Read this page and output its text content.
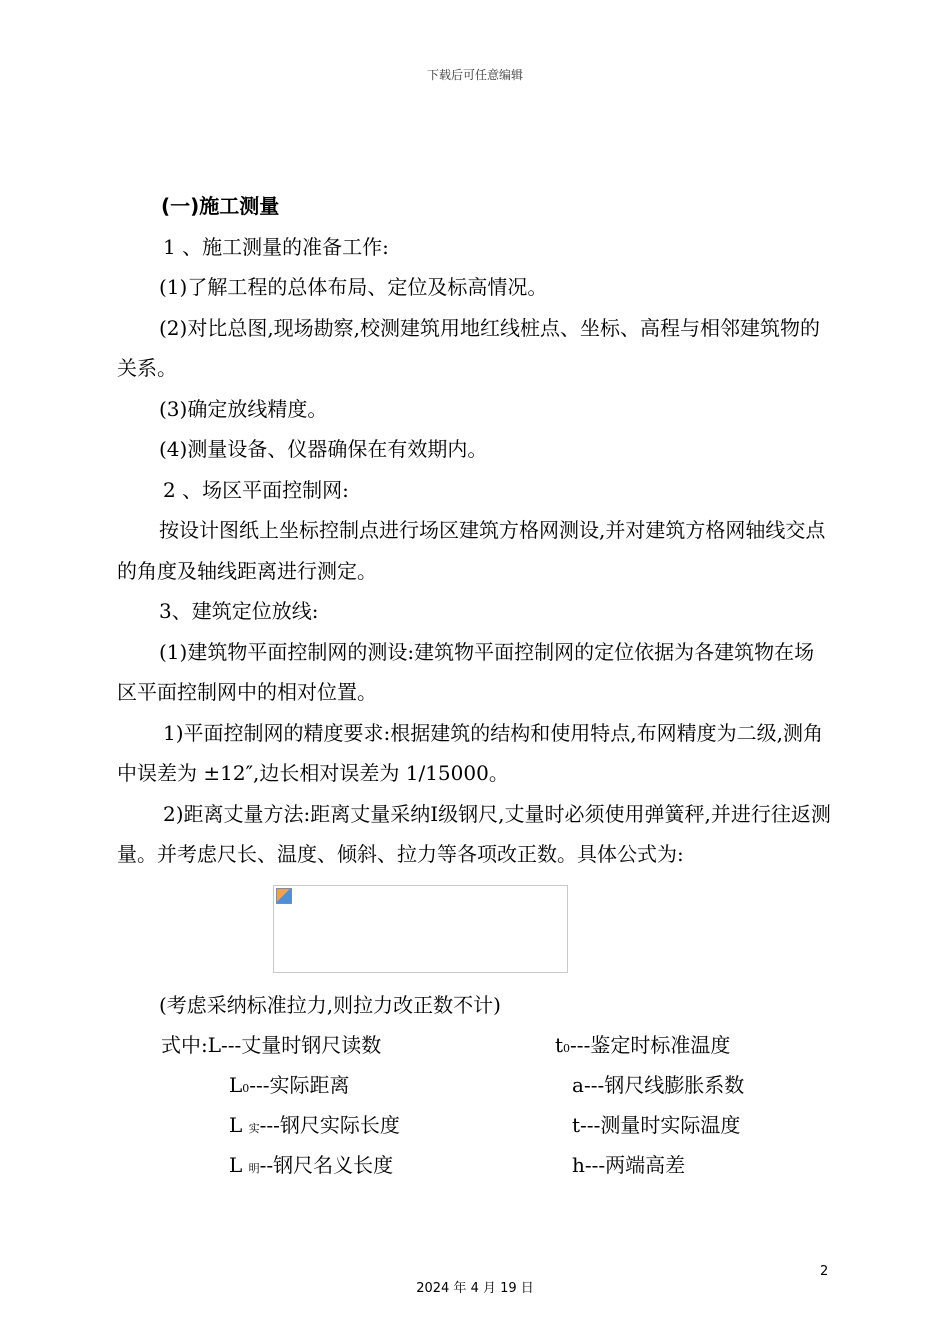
下载后可任意编辑

(一)施工测量

1 、施工测量的准备工作:

(1)了解工程的总体布局、定位及标高情况。

(2)对比总图,现场勘察,校测建筑用地红线桩点、坐标、高程与相邻建筑物的关系。

(3)确定放线精度。

(4)测量设备、仪器确保在有效期内。

2 、场区平面控制网:

按设计图纸上坐标控制点进行场区建筑方格网测设,并对建筑方格网轴线交点的角度及轴线距离进行测定。

3、建筑定位放线:

(1)建筑物平面控制网的测设:建筑物平面控制网的定位依据为各建筑物在场区平面控制网中的相对位置。

1)平面控制网的精度要求:根据建筑的结构和使用特点,布网精度为二级,测角中误差为 ±12″,边长相对误差为 1/15000。

2)距离丈量方法:距离丈量采纳Ⅰ级钢尺,丈量时必须使用弹簧秤,并进行往返测量。并考虑尺长、温度、倾斜、拉力等各项改正数。具体公式为:

(考虑采纳标准拉力,则拉力改正数不计)

式中:L---丈量时钢尺读数	t0---鉴定时标准温度
L0---实际距离	a---钢尺线膨胀系数
L 实---钢尺实际长度	t---测量时实际温度
L 明--钢尺名义长度	h---两端高差
2
2024 年 4 月 19 日
